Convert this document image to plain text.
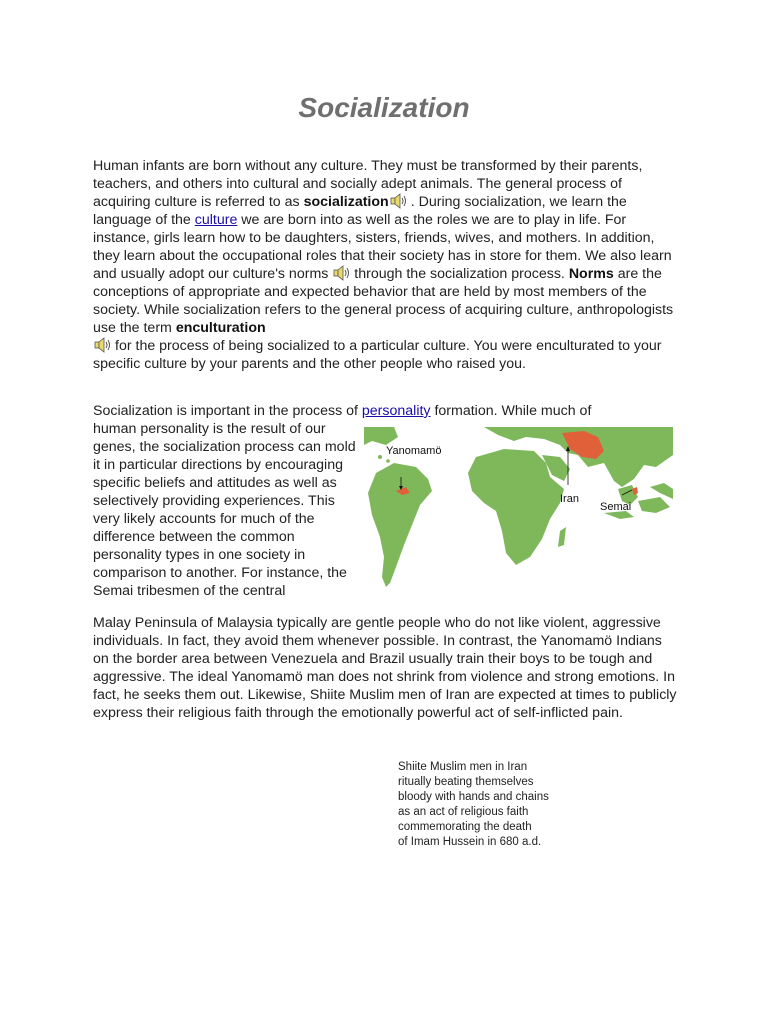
Socialization

Human infants are born without any culture. They must be transformed by their parents, teachers, and others into cultural and socially adept animals. The general process of acquiring culture is referred to as socialization . During socialization, we learn the language of the culture we are born into as well as the roles we are to play in life. For instance, girls learn how to be daughters, sisters, friends, wives, and mothers. In addition, they learn about the occupational roles that their society has in store for them. We also learn and usually adopt our culture's norms through the socialization process. Norms are the conceptions of appropriate and expected behavior that are held by most members of the society. While socialization refers to the general process of acquiring culture, anthropologists use the term enculturation
for the process of being socialized to a particular culture. You were enculturated to your specific culture by your parents and the other people who raised you.

Socialization is important in the process of personality formation. While much of

human personality is the result of our genes, the socialization process can mold it in particular directions by encouraging specific beliefs and attitudes as well as selectively providing experiences. This very likely accounts for much of the difference between the common personality types in one society in comparison to another. For instance, the Semai tribesmen of the central

Yanomamö
Iran
Semai

Malay Peninsula of Malaysia typically are gentle people who do not like violent, aggressive individuals. In fact, they avoid them whenever possible. In contrast, the Yanomamö Indians on the border area between Venezuela and Brazil usually train their boys to be tough and aggressive. The ideal Yanomamö man does not shrink from violence and strong emotions. In fact, he seeks them out. Likewise, Shiite Muslim men of Iran are expected at times to publicly express their religious faith through the emotionally powerful act of self-inflicted pain.

Shiite Muslim men in Iran
ritually beating themselves
bloody with hands and chains
as an act of religious faith
commemorating the death
of Imam Hussein in 680 a.d.
